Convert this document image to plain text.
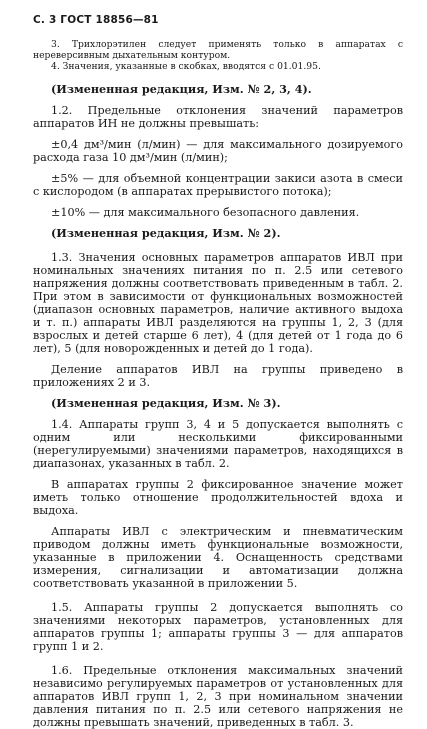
С. 3 ГОСТ 18856—81

3. Трихлорэтилен следует применять только в аппаратах с нереверсивным дыхательным контуром.

4. Значения, указанные в скобках, вводятся с 01.01.95.

(Измененная редакция, Изм. № 2, 3, 4).

1.2. Предельные отклонения значений параметров аппаратов ИН не должны превышать:

±0,4 дм³/мин (л/мин) — для максимального дозируемого расхода газа 10 дм³/мин (л/мин);

±5% — для объемной концентрации закиси азота в смеси с кислородом (в аппаратах прерывистого потока);

±10% — для максимального безопасного давления.

(Измененная редакция, Изм. № 2).

1.3. Значения основных параметров аппаратов ИВЛ при номинальных значениях питания по п. 2.5 или сетевого напряжения должны соответствовать приведенным в табл. 2. При этом в зависимости от функциональных возможностей (диапазон основных параметров, наличие активного выдоха и т. п.) аппараты ИВЛ разделяются на группы 1, 2, 3 (для взрослых и детей старше 6 лет), 4 (для детей от 1 года до 6 лет), 5 (для новорожденных и детей до 1 года).

Деление аппаратов ИВЛ на группы приведено в приложениях 2 и 3.

(Измененная редакция, Изм. № 3).

1.4. Аппараты групп 3, 4 и 5 допускается выполнять с одним или несколькими фиксированными (нерегулируемыми) значениями параметров, находящихся в диапазонах, указанных в табл. 2.

В аппаратах группы 2 фиксированное значение может иметь только отношение продолжительностей вдоха и выдоха.

Аппараты ИВЛ с электрическим и пневматическим приводом должны иметь функциональные возможности, указанные в приложении 4. Оснащенность средствами измерения, сигнализации и автоматизации должна соответствовать указанной в приложении 5.

1.5. Аппараты группы 2 допускается выполнять со значениями некоторых параметров, установленных для аппаратов группы 1; аппараты группы 3 — для аппаратов групп 1 и 2.

1.6. Предельные отклонения максимальных значений независимо регулируемых параметров от установленных для аппаратов ИВЛ групп 1, 2, 3 при номинальном значении давления питания по п. 2.5 или сетевого напряжения не должны превышать значений, приведенных в табл. 3.
